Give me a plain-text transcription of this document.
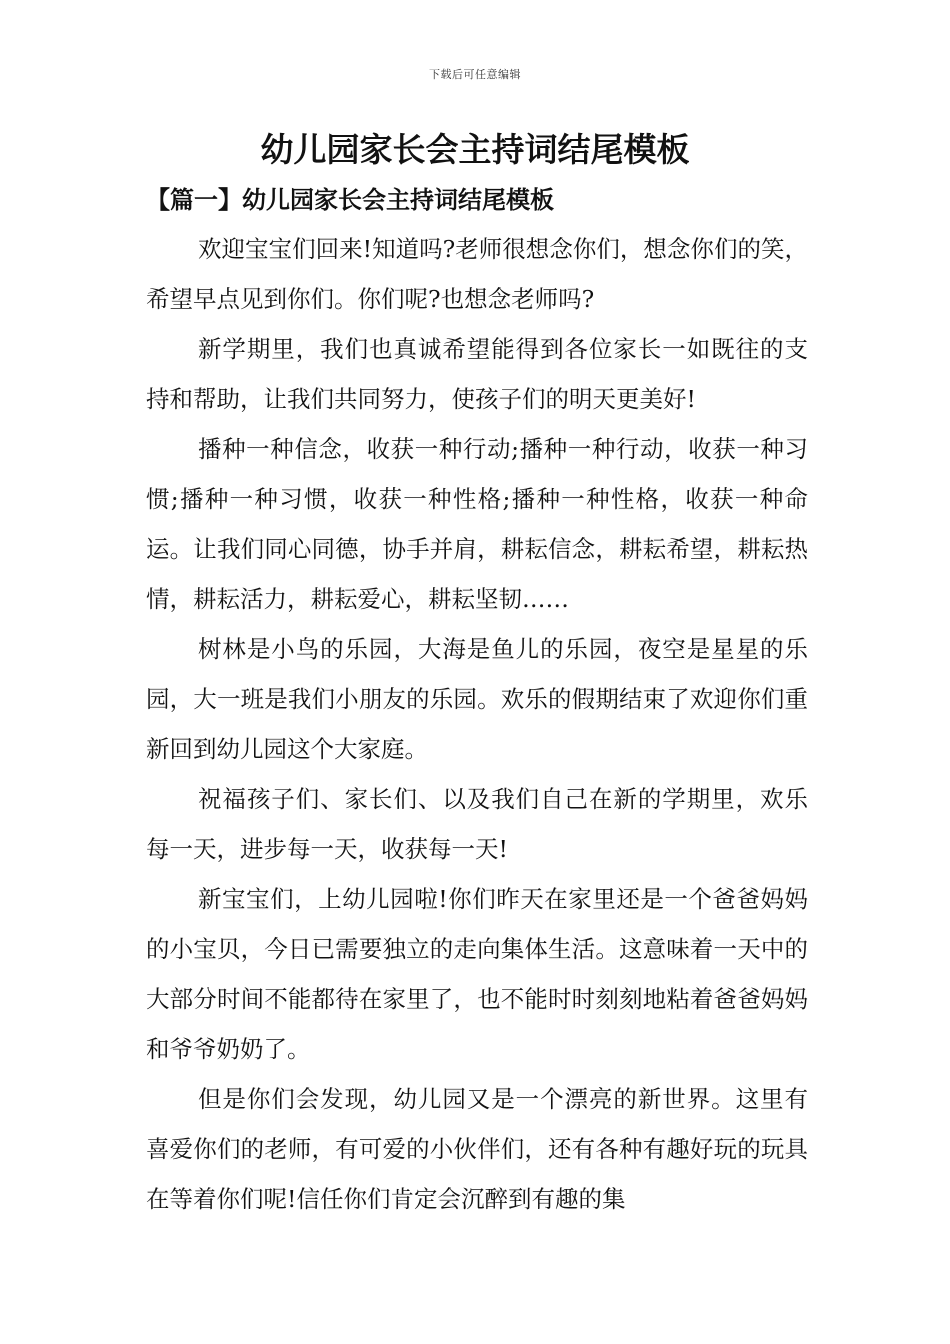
下载后可任意编辑
幼儿园家长会主持词结尾模板
【篇一】幼儿园家长会主持词结尾模板

欢迎宝宝们回来!知道吗?老师很想念你们，想念你们的笑，希望早点见到你们。你们呢?也想念老师吗?

新学期里，我们也真诚希望能得到各位家长一如既往的支持和帮助，让我们共同努力，使孩子们的明天更美好!

播种一种信念，收获一种行动;播种一种行动，收获一种习惯;播种一种习惯，收获一种性格;播种一种性格，收获一种命运。让我们同心同德，协手并肩，耕耘信念，耕耘希望，耕耘热情，耕耘活力，耕耘爱心，耕耘坚韧……

树林是小鸟的乐园，大海是鱼儿的乐园，夜空是星星的乐园，大一班是我们小朋友的乐园。欢乐的假期结束了欢迎你们重新回到幼儿园这个大家庭。

祝福孩子们、家长们、以及我们自己在新的学期里，欢乐每一天，进步每一天，收获每一天!

新宝宝们，上幼儿园啦!你们昨天在家里还是一个爸爸妈妈的小宝贝，今日已需要独立的走向集体生活。这意味着一天中的大部分时间不能都待在家里了，也不能时时刻刻地粘着爸爸妈妈和爷爷奶奶了。

但是你们会发现，幼儿园又是一个漂亮的新世界。这里有喜爱你们的老师，有可爱的小伙伴们，还有各种有趣好玩的玩具在等着你们呢!信任你们肯定会沉醉到有趣的集
